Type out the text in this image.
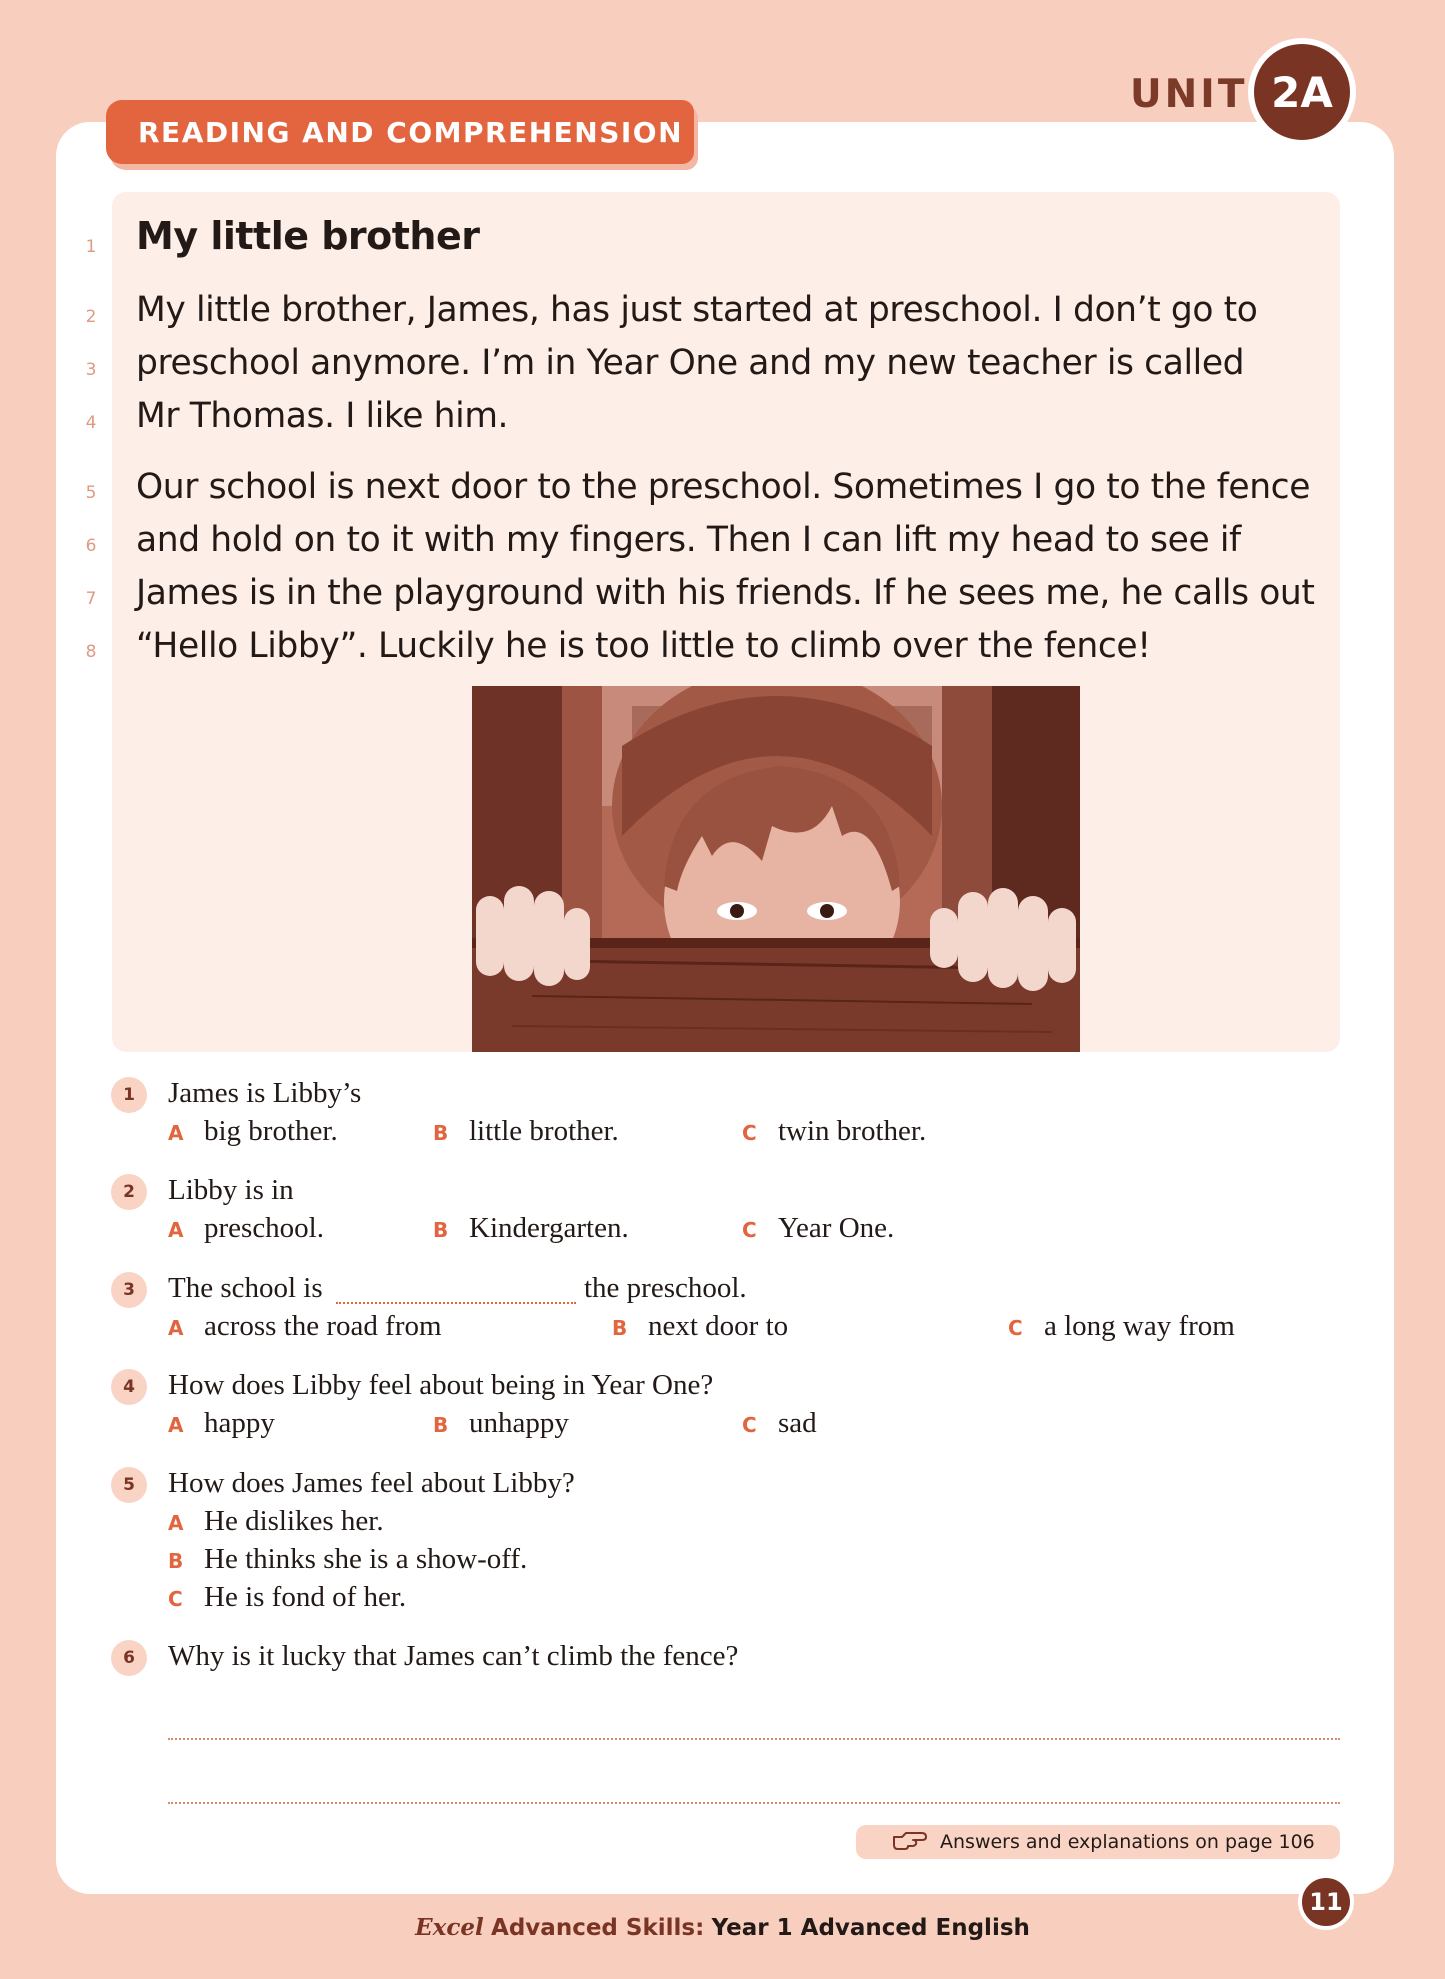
UNIT 2A
READING AND COMPREHENSION
1
2
3
4
5
6
7
8
My little brother
My little brother, James, has just started at preschool. I don’t go to
preschool anymore. I’m in Year One and my new teacher is called
Mr Thomas. I like him.
Our school is next door to the preschool. Sometimes I go to the fence
and hold on to it with my fingers. Then I can lift my head to see if
James is in the playground with his friends. If he sees me, he calls out
“Hello Libby”. Luckily he is too little to climb over the fence!
1	James is Libby’s
A big brother.	B little brother.	C twin brother.
2	Libby is in
A preschool.	B Kindergarten.	C Year One.
3	The school is	the preschool.
A across the road from	B next door to	C a long way from
4	How does Libby feel about being in Year One?
A happy	B unhappy	C sad
5	How does James feel about Libby?
A He dislikes her.
B He thinks she is a show-off.
C He is fond of her.
6	Why is it lucky that James can’t climb the fence?
Answers and explanations on page 106
11
Excel Advanced Skills: Year 1 Advanced English
